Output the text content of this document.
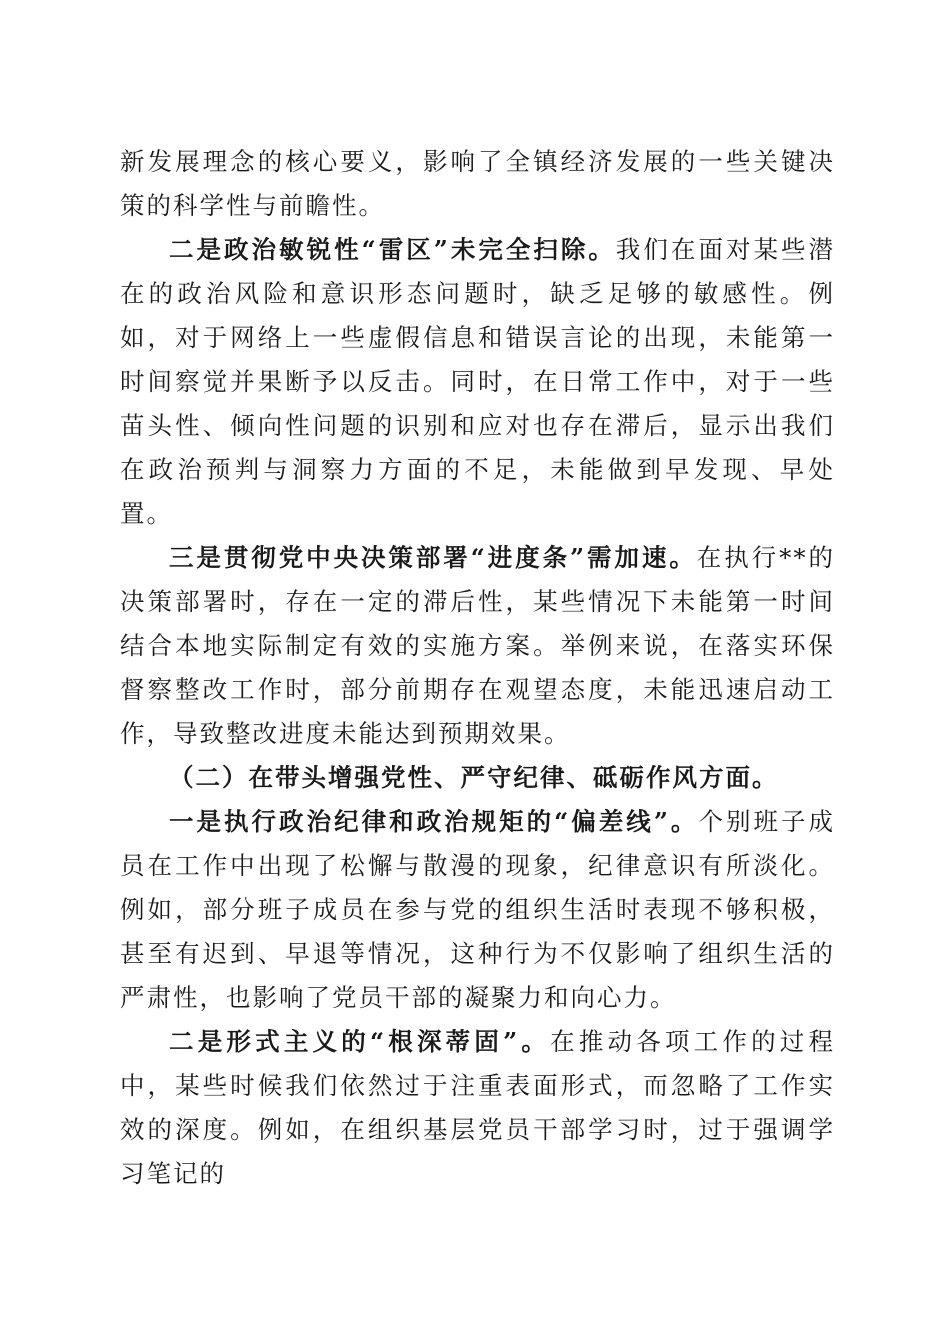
新发展理念的核心要义，影响了全镇经济发展的一些关键决策的科学性与前瞻性。

二是政治敏锐性“雷区”未完全扫除。我们在面对某些潜在的政治风险和意识形态问题时，缺乏足够的敏感性。例如，对于网络上一些虚假信息和错误言论的出现，未能第一时间察觉并果断予以反击。同时，在日常工作中，对于一些苗头性、倾向性问题的识别和应对也存在滞后，显示出我们在政治预判与洞察力方面的不足，未能做到早发现、早处置。

三是贯彻党中央决策部署“进度条”需加速。在执行**的决策部署时，存在一定的滞后性，某些情况下未能第一时间结合本地实际制定有效的实施方案。举例来说，在落实环保督察整改工作时，部分前期存在观望态度，未能迅速启动工作，导致整改进度未能达到预期效果。

（二）在带头增强党性、严守纪律、砥砺作风方面。

一是执行政治纪律和政治规矩的“偏差线”。个别班子成员在工作中出现了松懈与散漫的现象，纪律意识有所淡化。例如，部分班子成员在参与党的组织生活时表现不够积极，甚至有迟到、早退等情况，这种行为不仅影响了组织生活的严肃性，也影响了党员干部的凝聚力和向心力。

二是形式主义的“根深蒂固”。在推动各项工作的过程中，某些时候我们依然过于注重表面形式，而忽略了工作实效的深度。例如，在组织基层党员干部学习时，过于强调学习笔记的
